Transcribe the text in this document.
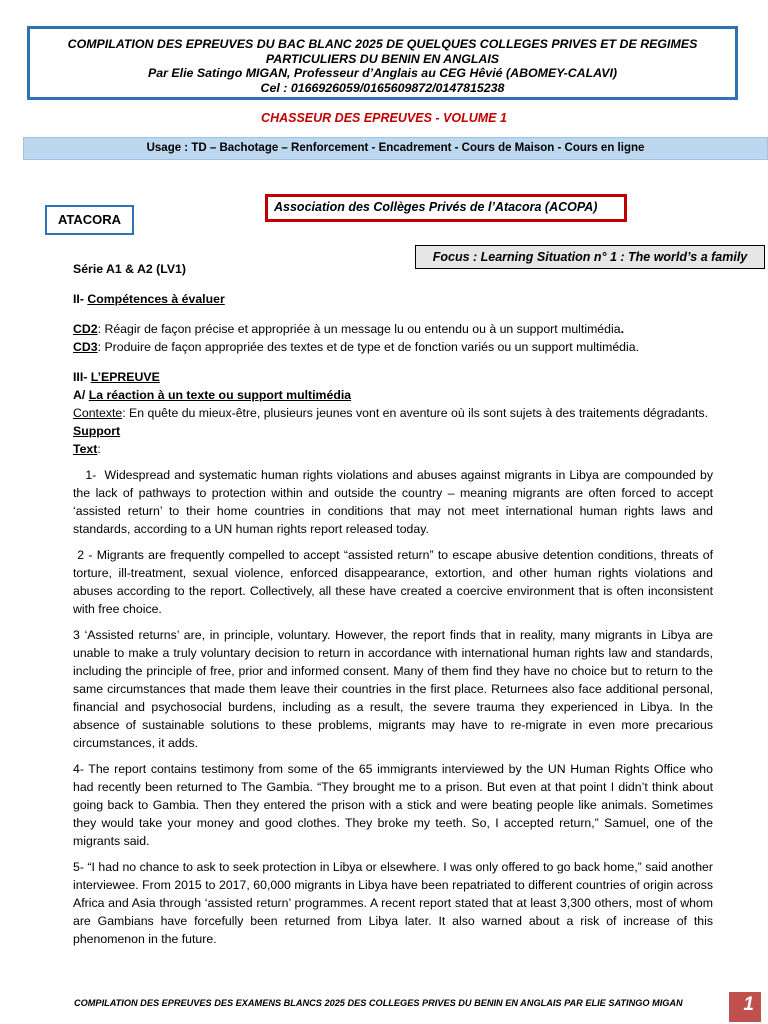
COMPILATION DES EPREUVES DU BAC BLANC 2025 DE QUELQUES COLLEGES PRIVES ET DE REGIMES
PARTICULIERS DU BENIN EN ANGLAIS
Par Elie Satingo MIGAN, Professeur d’Anglais au CEG Hêvié (ABOMEY-CALAVI)
Cel : 0166926059/0165609872/0147815238
CHASSEUR DES EPREUVES - VOLUME 1
Usage : TD – Bachotage – Renforcement - Encadrement - Cours de Maison - Cours en ligne
ATACORA
Association des Collèges Privés de l’Atacora (ACOPA)
Focus : Learning Situation n° 1 : The world’s a family

Série A1 & A2 (LV1)

II- Compétences à évaluer

CD2: Réagir de façon précise et appropriée à un message lu ou entendu ou à un support multimédia.

CD3: Produire de façon appropriée des textes et de type et de fonction variés ou un support multimédia.

III- L’EPREUVE

A/ La réaction à un texte ou support multimédia

Contexte: En quête du mieux-être, plusieurs jeunes vont en aventure où ils sont sujets à des traitements dégradants.

Support

Text:

1-  Widespread and systematic human rights violations and abuses against migrants in Libya are compounded by the lack of pathways to protection within and outside the country – meaning migrants are often forced to accept ‘assisted return’ to their home countries in conditions that may not meet international human rights laws and standards, according to a UN human rights report released today.

2 - Migrants are frequently compelled to accept “assisted return” to escape abusive detention conditions, threats of torture, ill-treatment, sexual violence, enforced disappearance, extortion, and other human rights violations and abuses according to the report. Collectively, all these have created a coercive environment that is often inconsistent with free choice.

3 ‘Assisted returns’ are, in principle, voluntary. However, the report finds that in reality, many migrants in Libya are unable to make a truly voluntary decision to return in accordance with international human rights law and standards, including the principle of free, prior and informed consent. Many of them find they have no choice but to return to the same circumstances that made them leave their countries in the first place. Returnees also face additional personal, financial and psychosocial burdens, including as a result, the severe trauma they experienced in Libya. In the absence of sustainable solutions to these problems, migrants may have to re-migrate in even more precarious circumstances, it adds.

4- The report contains testimony from some of the 65 immigrants interviewed by the UN Human Rights Office who had recently been returned to The Gambia. “They brought me to a prison. But even at that point I didn’t think about going back to Gambia. Then they entered the prison with a stick and were beating people like animals. Sometimes they would take your money and good clothes. They broke my teeth. So, I accepted return,” Samuel, one of the migrants said.

5- “I had no chance to ask to seek protection in Libya or elsewhere. I was only offered to go back home,” said another interviewee. From 2015 to 2017, 60,000 migrants in Libya have been repatriated to different countries of origin across Africa and Asia through ‘assisted return’ programmes. A recent report stated that at least 3,300 others, most of whom are Gambians have forcefully been returned from Libya later. It also warned about a risk of increase of this phenomenon in the future.

COMPILATION DES EPREUVES DES EXAMENS BLANCS 2025 DES COLLEGES PRIVES DU BENIN EN ANGLAIS PAR ELIE SATINGO MIGAN	1
